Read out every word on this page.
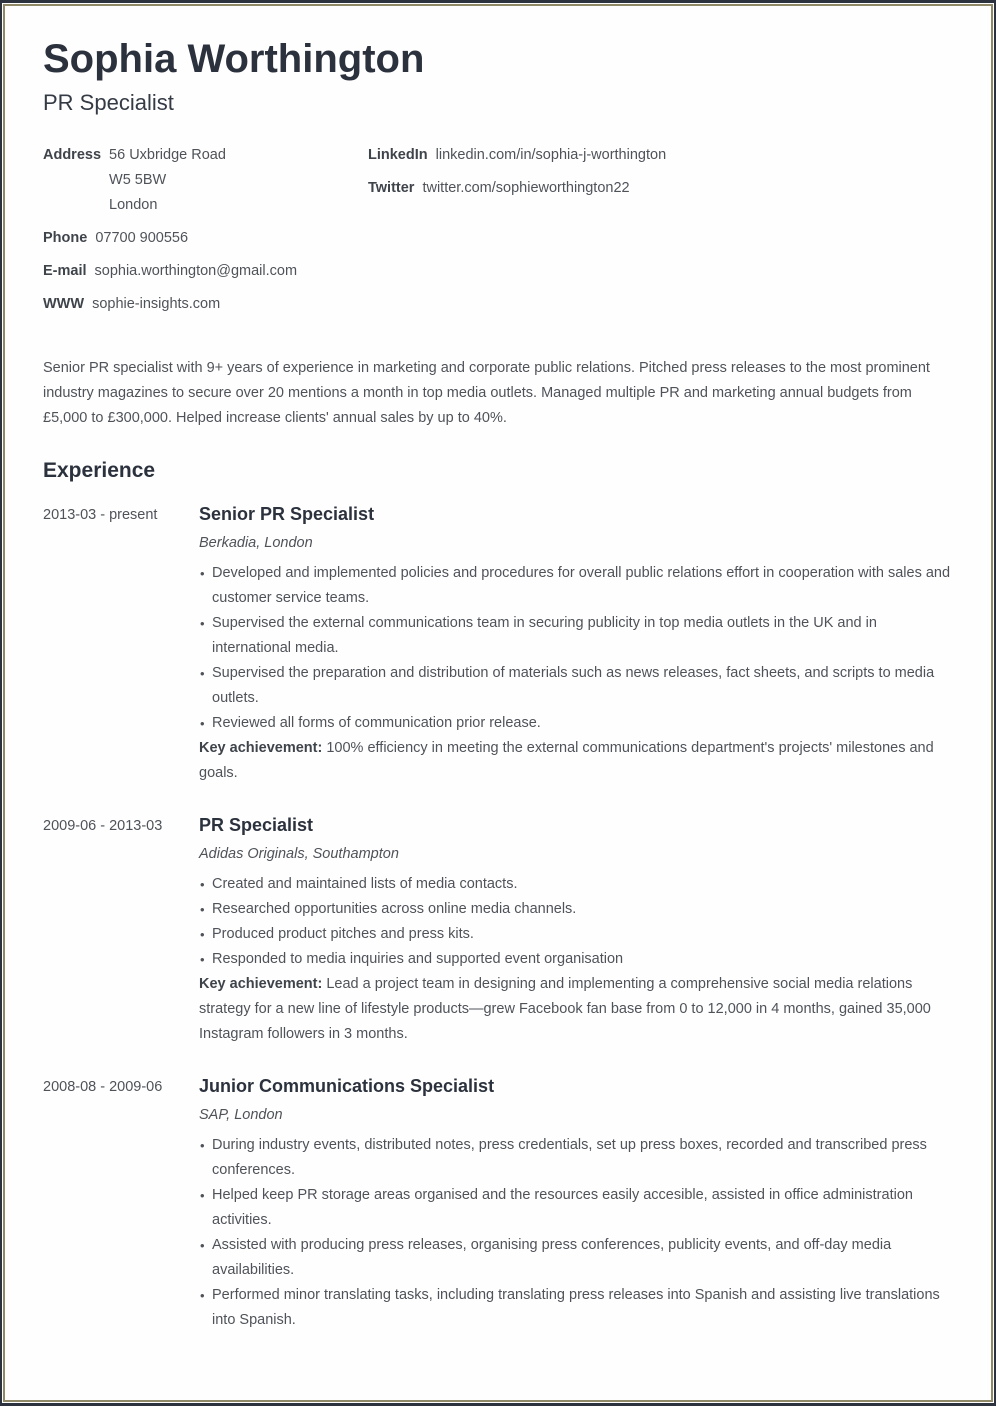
Sophia Worthington
PR Specialist
Address 56 Uxbridge Road
W5 5BW
London
Phone 07700 900556
E-mail sophia.worthington@gmail.com
WWW sophie-insights.com
LinkedIn linkedin.com/in/sophia-j-worthington
Twitter twitter.com/sophieworthington22

Senior PR specialist with 9+ years of experience in marketing and corporate public relations. Pitched press releases to the most prominent industry magazines to secure over 20 mentions a month in top media outlets. Managed multiple PR and marketing annual budgets from £5,000 to £300,000. Helped increase clients' annual sales by up to 40%.

Experience
2013-03 - present	Senior PR Specialist
Berkadia, London
• Developed and implemented policies and procedures for overall public relations effort in cooperation with sales and customer service teams.
• Supervised the external communications team in securing publicity in top media outlets in the UK and in international media.
• Supervised the preparation and distribution of materials such as news releases, fact sheets, and scripts to media outlets.
• Reviewed all forms of communication prior release.

Key achievement: 100% efficiency in meeting the external communications department's projects' milestones and goals.

2009-06 - 2013-03	PR Specialist
Adidas Originals, Southampton
• Created and maintained lists of media contacts.
• Researched opportunities across online media channels.
• Produced product pitches and press kits.
• Responded to media inquiries and supported event organisation

Key achievement: Lead a project team in designing and implementing a comprehensive social media relations strategy for a new line of lifestyle products—grew Facebook fan base from 0 to 12,000 in 4 months, gained 35,000 Instagram followers in 3 months.

2008-08 - 2009-06	Junior Communications Specialist
SAP, London
• During industry events, distributed notes, press credentials, set up press boxes, recorded and transcribed press conferences.
• Helped keep PR storage areas organised and the resources easily accesible, assisted in office administration activities.
• Assisted with producing press releases, organising press conferences, publicity events, and off-day media availabilities.
• Performed minor translating tasks, including translating press releases into Spanish and assisting live translations into Spanish.
